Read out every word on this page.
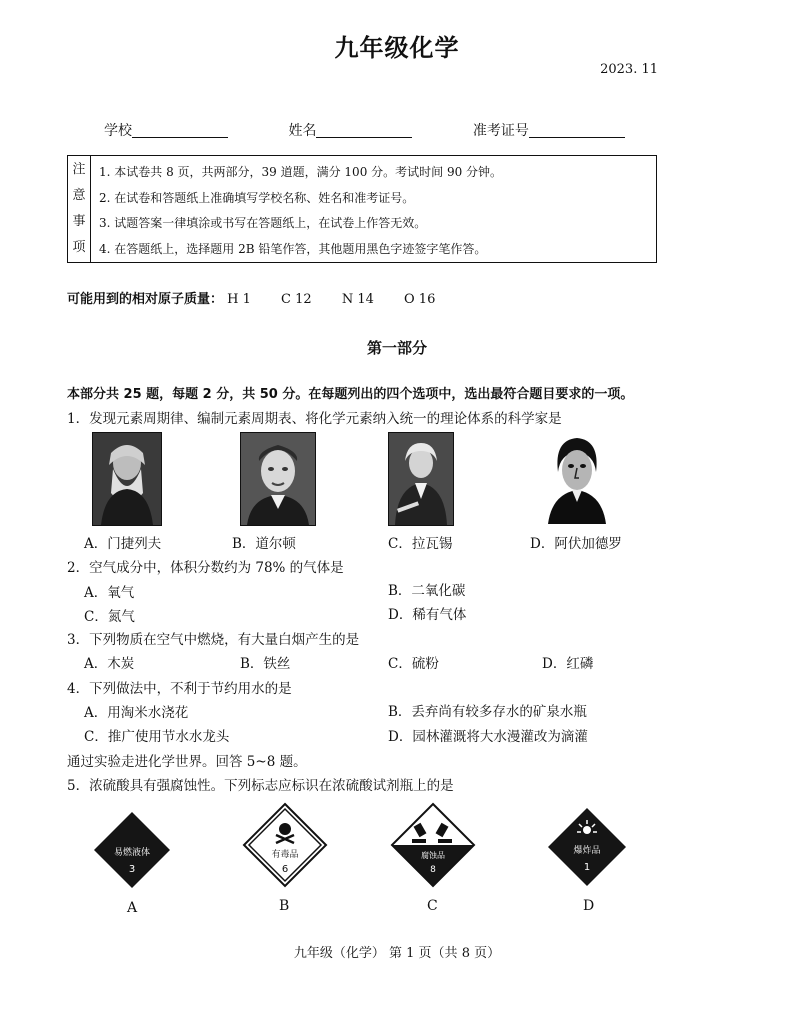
九年级化学
2023. 11
学校	姓名	准考证号
注
意
事
项

1. 本试卷共 8 页，共两部分，39 道题，满分 100 分。考试时间 90 分钟。
2. 在试卷和答题纸上准确填写学校名称、姓名和准考证号。
3. 试题答案一律填涂或书写在答题纸上，在试卷上作答无效。
4. 在答题纸上，选择题用 2B 铅笔作答，其他题用黑色字迹签字笔作答。
可能用到的相对原子质量： H 1 C 12 N 14 O 16
第一部分
本部分共 25 题，每题 2 分，共 50 分。在每题列出的四个选项中，选出最符合题目要求的一项。
1．发现元素周期律、编制元素周期表、将化学元素纳入统一的理论体系的科学家是
A．门捷列夫	B．道尔顿	C．拉瓦锡	D．阿伏加德罗
2．空气成分中，体积分数约为 78% 的气体是
A．氧气	B．二氧化碳
C．氮气	D．稀有气体
3．下列物质在空气中燃烧，有大量白烟产生的是
A．木炭	B．铁丝	C．硫粉	D．红磷
4．下列做法中，不利于节约用水的是
A．用淘米水浇花	B．丢弃尚有较多存水的矿泉水瓶
C．推广使用节水水龙头	D．园林灌溉将大水漫灌改为滴灌
通过实验走进化学世界。回答 5~8 题。
5．浓硫酸具有强腐蚀性。下列标志应标识在浓硫酸试剂瓶上的是
易燃液体
3
有毒品
6
腐蚀品
8
爆炸品
1
A	B	C	D
九年级（化学） 第 1 页（共 8 页）
